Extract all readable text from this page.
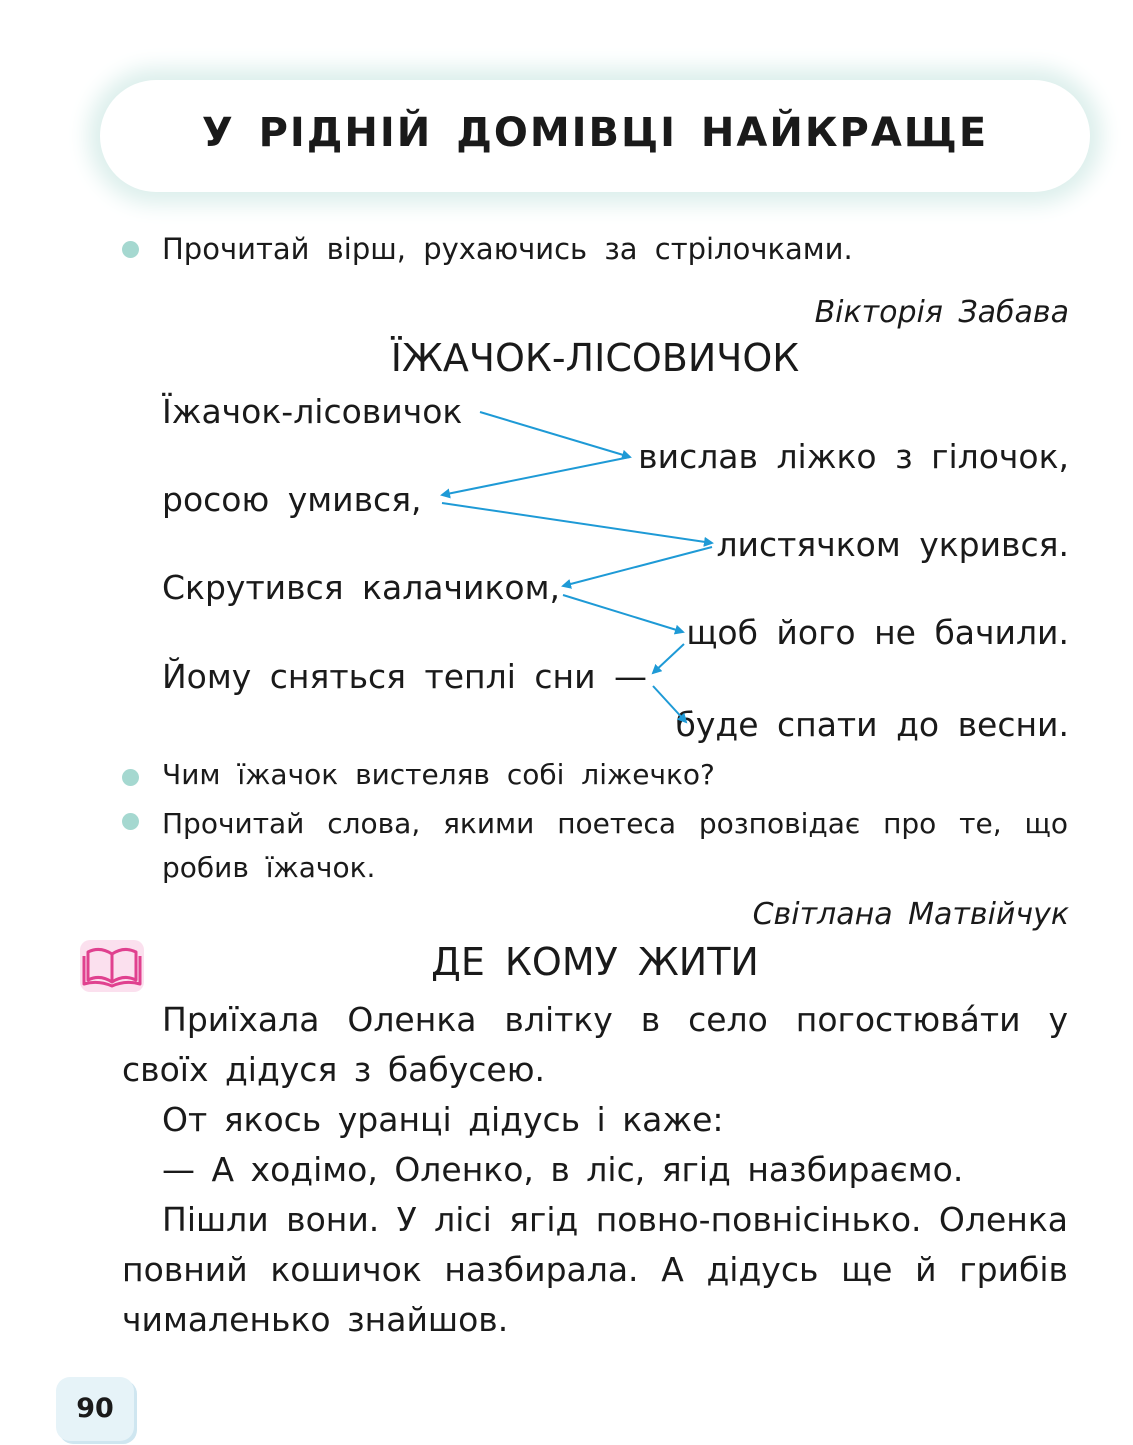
У РІДНІЙ ДОМІВЦІ НАЙКРАЩЕ
Прочитай вірш, рухаючись за стрілочками.
Вікторія Забава
ЇЖАЧОК-ЛІСОВИЧОК
Їжачок-лісовичок
вислав ліжко з гілочок,
росою умився,
листячком укрився.
Скрутився калачиком,
щоб його не бачили.
Йому сняться теплі сни —
буде спати до весни.
Чим їжачок вистеляв собі ліжечко?
Прочитай слова, якими поетеса розповідає про те, що робив їжачок.
Світлана Матвійчук
ДЕ КОМУ ЖИТИ

Приїхала Оленка влітку в село погостюва́ти у своїх дідуся з бабусею.

От якось уранці дідусь і каже:

— А ходімо, Оленко, в ліс, ягід назбираємо.

Пішли вони. У лісі ягід повно-повнісінько. Оленка повний кошичок назбирала. А дідусь ще й грибів чималенько знайшов.

90
